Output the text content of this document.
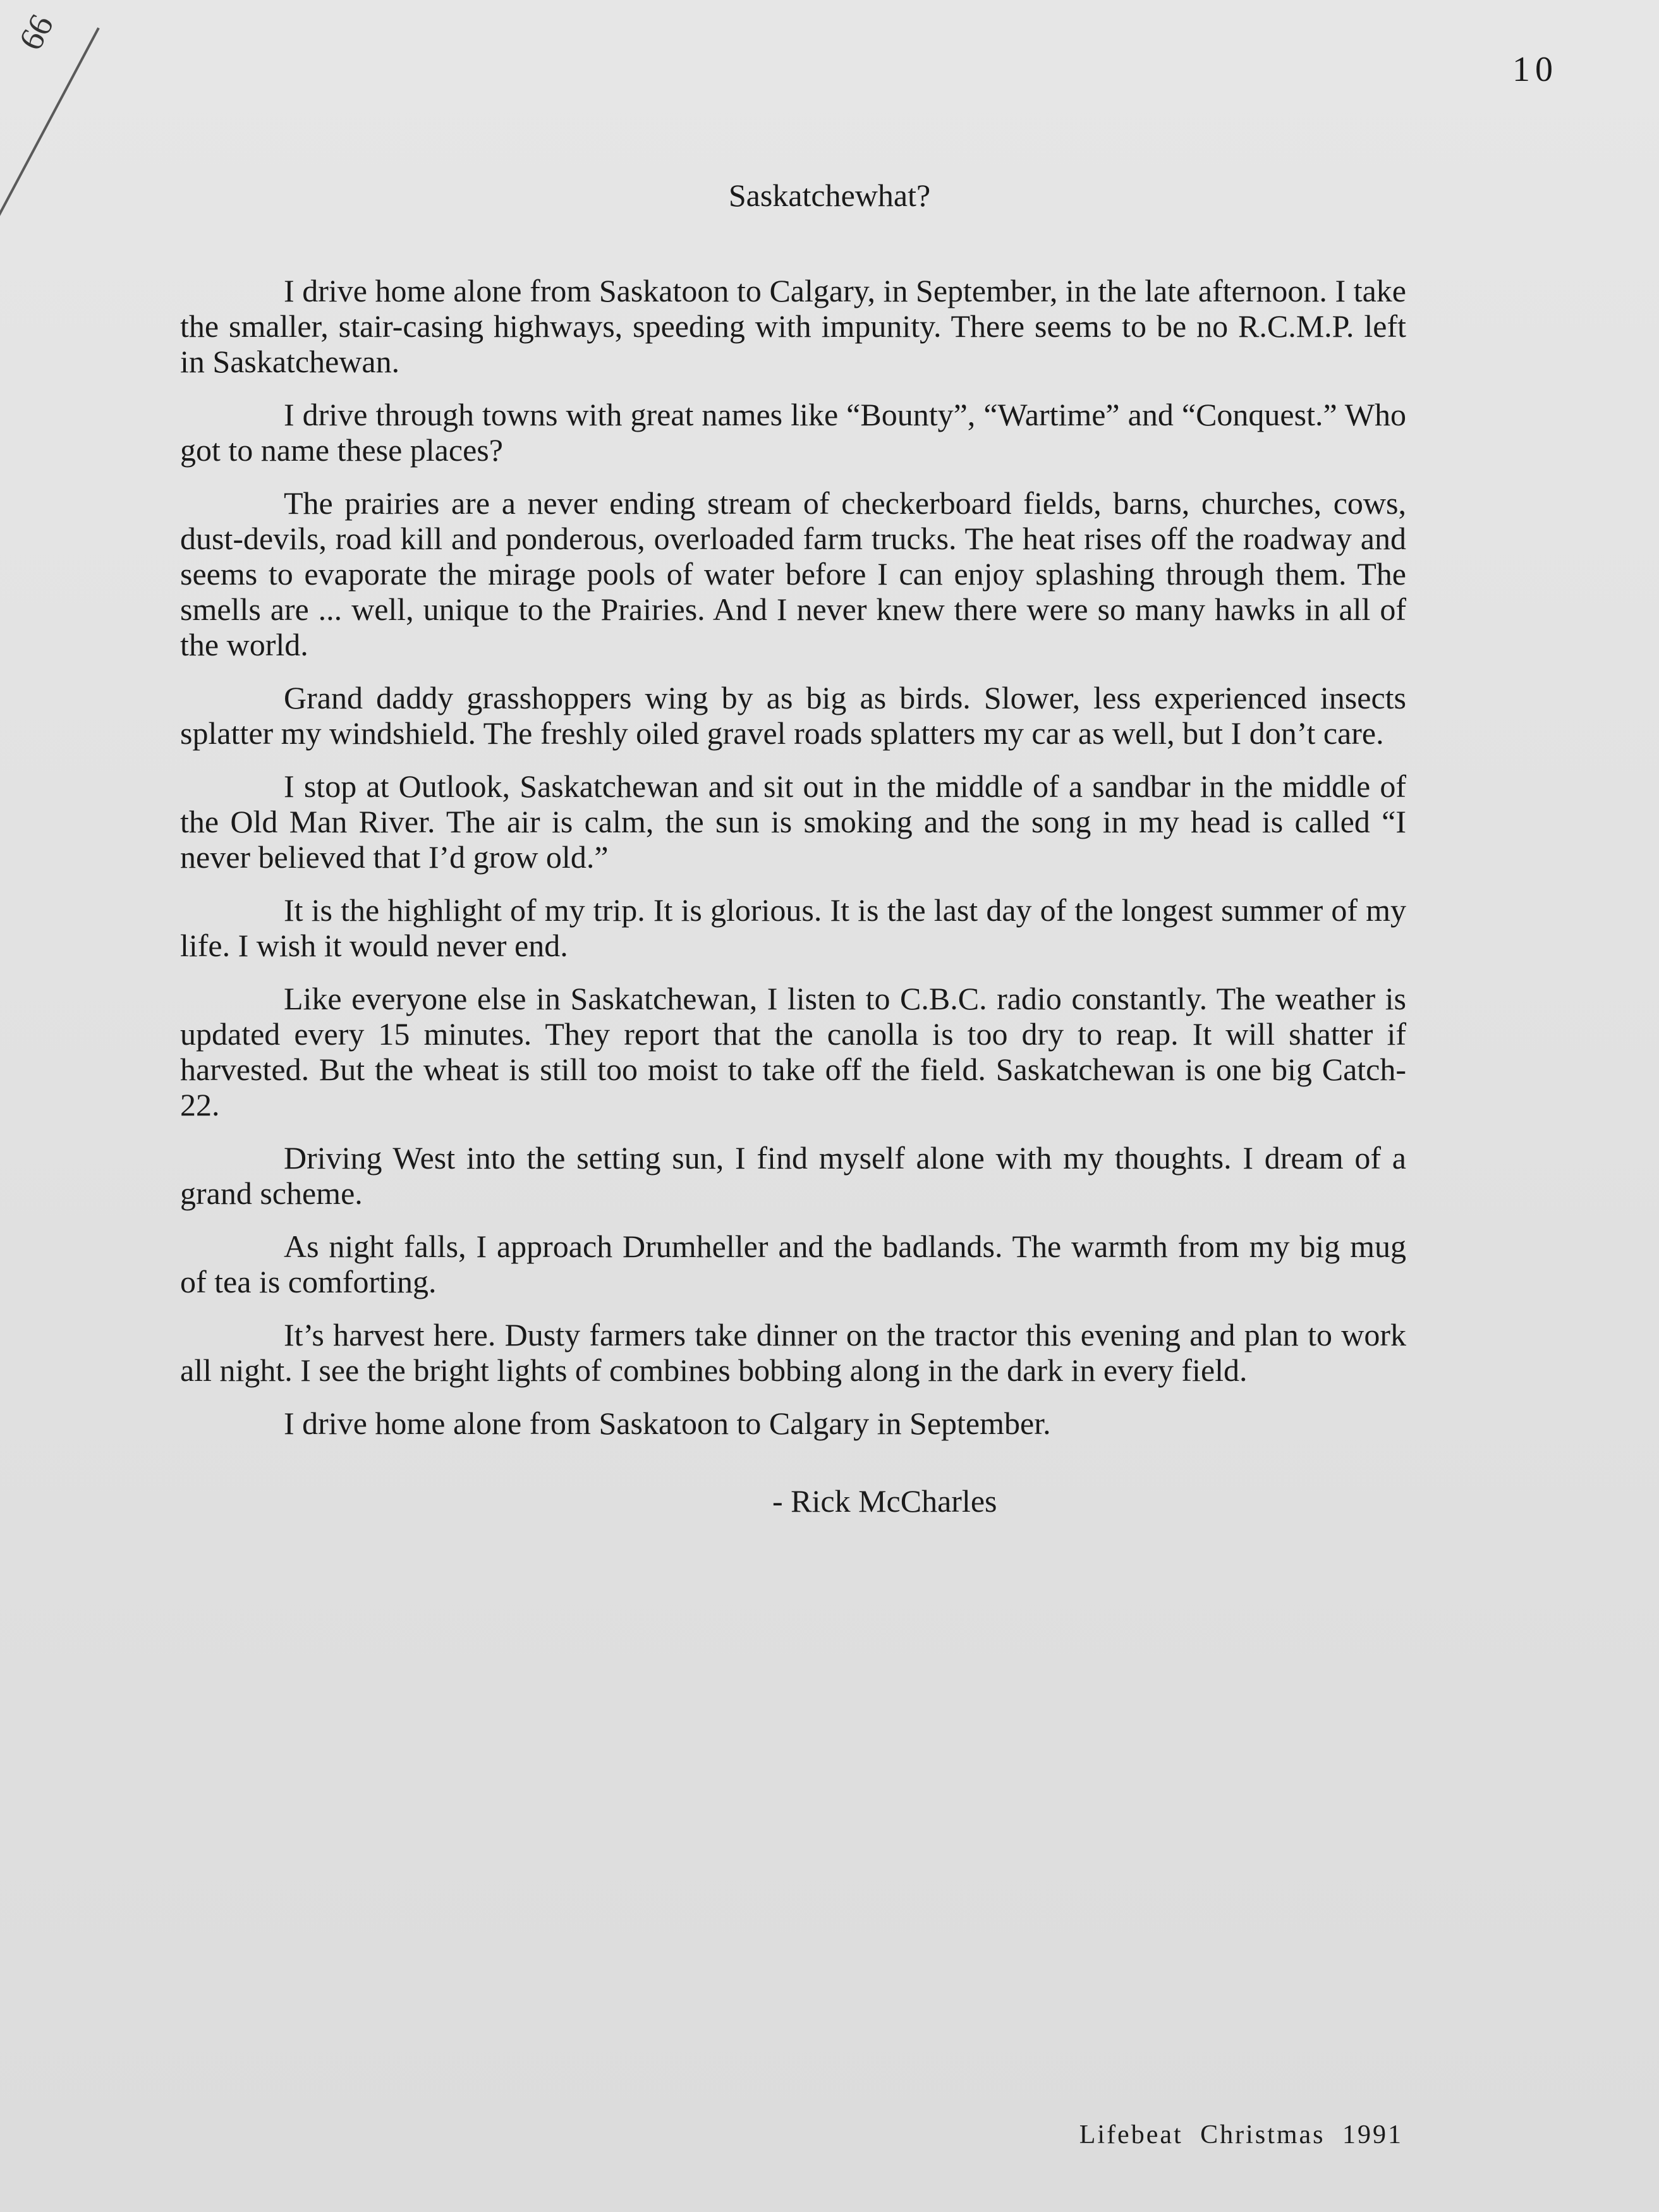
66
10
Saskatchewhat?

I drive home alone from Saskatoon to Calgary, in September, in the late afternoon. I take the smaller, stair-casing highways, speeding with impunity. There seems to be no R.C.M.P. left in Saskatchewan.

I drive through towns with great names like “Bounty”, “Wartime” and “Conquest.” Who got to name these places?

The prairies are a never ending stream of checkerboard fields, barns, churches, cows, dust-devils, road kill and ponderous, overloaded farm trucks. The heat rises off the roadway and seems to evaporate the mirage pools of water before I can enjoy splashing through them. The smells are ... well, unique to the Prairies. And I never knew there were so many hawks in all of the world.

Grand daddy grasshoppers wing by as big as birds. Slower, less experienced insects splatter my windshield. The freshly oiled gravel roads splatters my car as well, but I don’t care.

I stop at Outlook, Saskatchewan and sit out in the middle of a sandbar in the middle of the Old Man River. The air is calm, the sun is smoking and the song in my head is called “I never believed that I’d grow old.”

It is the highlight of my trip. It is glorious. It is the last day of the longest summer of my life. I wish it would never end.

Like everyone else in Saskatchewan, I listen to C.B.C. radio constantly. The weather is updated every 15 minutes. They report that the canolla is too dry to reap. It will shatter if harvested. But the wheat is still too moist to take off the field. Saskatchewan is one big Catch-22.

Driving West into the setting sun, I find myself alone with my thoughts. I dream of a grand scheme.

As night falls, I approach Drumheller and the badlands. The warmth from my big mug of tea is comforting.

It’s harvest here. Dusty farmers take dinner on the tractor this evening and plan to work all night. I see the bright lights of combines bobbing along in the dark in every field.

I drive home alone from Saskatoon to Calgary in September.

- Rick McCharles
Lifebeat Christmas 1991
